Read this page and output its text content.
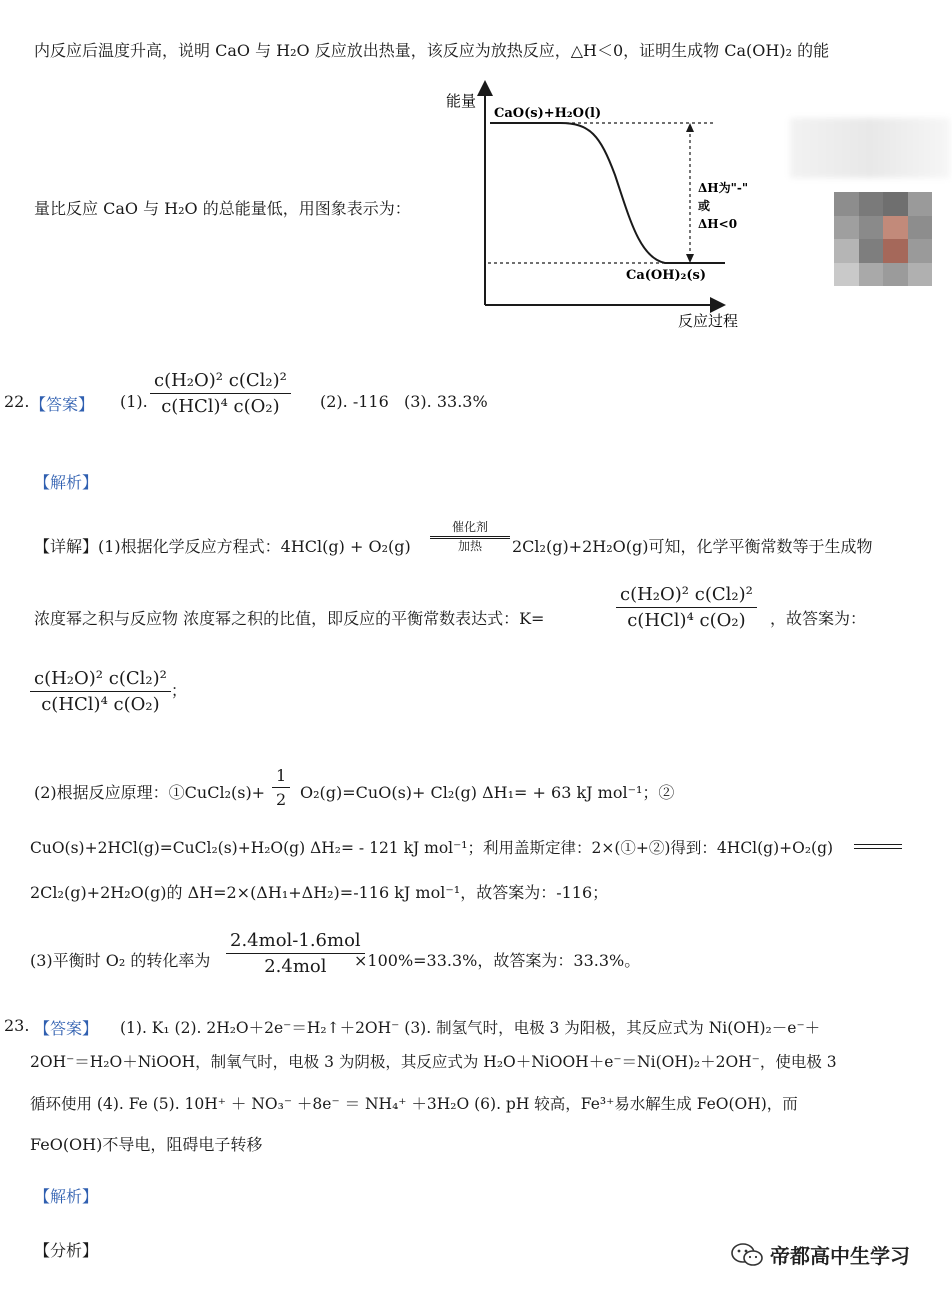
内反应后温度升高，说明 CaO 与 H₂O 反应放出热量，该反应为放热反应，△H＜0，证明生成物 Ca(OH)₂ 的能
量比反应 CaO 与 H₂O 的总能量低，用图象表示为：
能量
反应过程
CaO(s)+H₂O(l)
Ca(OH)₂(s)
ΔH为"-"
或
ΔH<0
22. 【答案】 (1). $\frac{\text{c(H₂O)² c(Cl₂)²}}{\text{c(HCl)⁴ c(O₂)}} (2)$. -116 (3). 33.3%
【解析】
【详解】(1)根据化学反应方程式：4HCl(g) + O₂(g)
催化剂
加热	2Cl₂(g)+2H₂O(g)可知，化学平衡常数等于生成物
浓度幂之积与反应物 浓度幂之积的比值，即反应的平衡常数表达式：K=	$\frac{\text{c(H₂O)² c(Cl₂)²}}{\text{c(HCl)⁴ c(O₂)}}$ ，故答案为：
$\frac{\text{c(H₂O)² c(Cl₂)²}}{\text{c(HCl)⁴ c(O₂)}}$ ；
(2)根据反应原理：①CuCl₂(s)+ $\frac{1}{2} O_2(g)=CuO(s)+ Cl_2(g) \Delta H_1= + 63$ kJ mol⁻¹；②
CuO(s)+2HCl(g)=CuCl₂(s)+H₂O(g) ΔH₂= - 121 kJ mol⁻¹；利用盖斯定律：2×(①+②)得到：4HCl(g)+O₂(g)
2Cl₂(g)+2H₂O(g)的 ΔH=2×(ΔH₁+ΔH₂)=-116 kJ mol⁻¹，故答案为：-116；
(3)平衡时 O₂ 的转化率为 $\frac{\text{2.4mol-1.6mol}}{\text{2.4mol}}$
×100%=33.3%，故答案为：33.3%。
23. 【答案】 (1). K₁ (2). 2H₂O＋2e⁻＝H₂↑＋2OH⁻ (3). 制氢气时，电极 3 为阳极，其反应式为 Ni(OH)₂－e⁻＋
2OH⁻＝H₂O＋NiOOH，制氧气时，电极 3 为阴极，其反应式为 H₂O＋NiOOH＋e⁻＝Ni(OH)₂＋2OH⁻，使电极 3
循环使用 (4). Fe (5). 10H⁺ ＋ NO₃⁻ ＋8e⁻ ＝ NH₄⁺ ＋3H₂O (6). pH 较高，Fe³⁺易水解生成 FeO(OH)，而
FeO(OH)不导电，阻碍电子转移
【解析】
【分析】	帝都高中生学习
